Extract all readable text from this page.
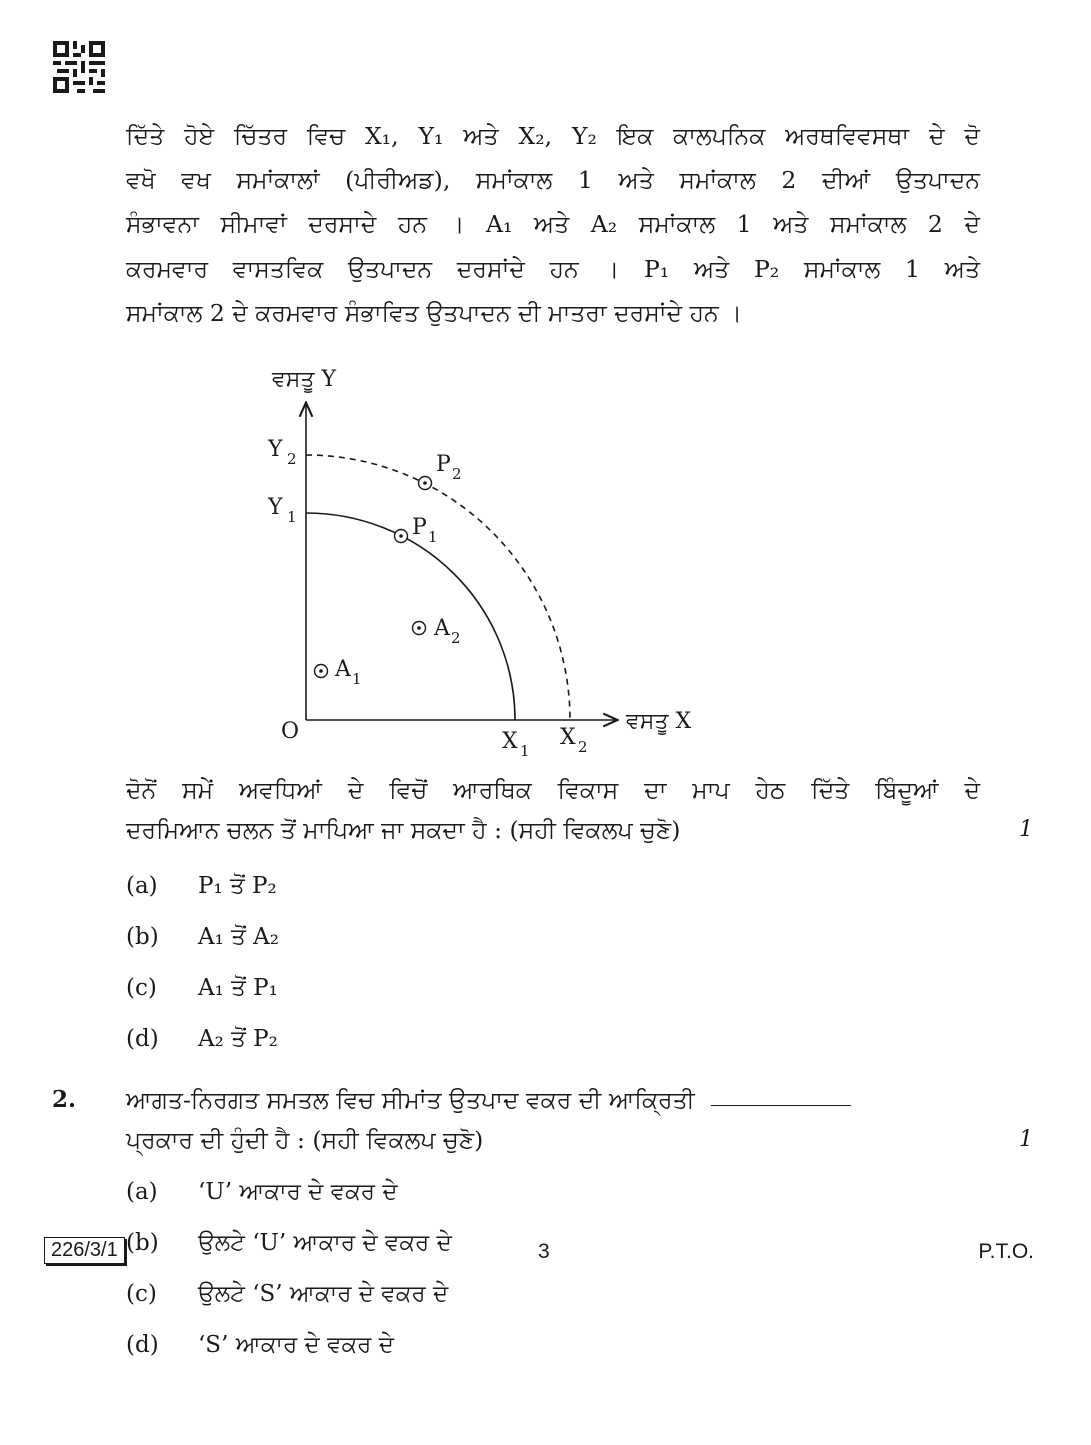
ਦਿੱਤੇ ਹੋਏ ਚਿੱਤਰ ਵਿਚ X₁, Y₁ ਅਤੇ X₂, Y₂ ਇਕ ਕਾਲਪਨਿਕ ਅਰਥਵਿਵਸਥਾ ਦੇ ਦੋ
ਵਖੋ ਵਖ ਸਮਾਂਕਾਲਾਂ (ਪੀਰੀਅਡ), ਸਮਾਂਕਾਲ 1 ਅਤੇ ਸਮਾਂਕਾਲ 2 ਦੀਆਂ ਉਤਪਾਦਨ
ਸੰਭਾਵਨਾ ਸੀਮਾਵਾਂ ਦਰਸਾਦੇ ਹਨ । A₁ ਅਤੇ A₂ ਸਮਾਂਕਾਲ 1 ਅਤੇ ਸਮਾਂਕਾਲ 2 ਦੇ
ਕਰਮਵਾਰ ਵਾਸਤਵਿਕ ਉਤਪਾਦਨ ਦਰਸਾਂਦੇ ਹਨ । P₁ ਅਤੇ P₂ ਸਮਾਂਕਾਲ 1 ਅਤੇ
ਸਮਾਂਕਾਲ 2 ਦੇ ਕਰਮਵਾਰ ਸੰਭਾਵਿਤ ਉਤਪਾਦਨ ਦੀ ਮਾਤਰਾ ਦਰਸਾਂਦੇ ਹਨ ।
ਵਸਤੂ Y
ਵਸਤੂ X
O
Y 2
Y 1
X 1
X 2
P 2
P 1
A 2
A 1
ਦੋਨੋਂ ਸਮੇਂ ਅਵਧਿਆਂ ਦੇ ਵਿਚੋਂ ਆਰਥਿਕ ਵਿਕਾਸ ਦਾ ਮਾਪ ਹੇਠ ਦਿੱਤੇ ਬਿੰਦੂਆਂ ਦੇ
ਦਰਮਿਆਨ ਚਲਨ ਤੋਂ ਮਾਪਿਆ ਜਾ ਸਕਦਾ ਹੈ : (ਸਹੀ ਵਿਕਲਪ ਚੁਣੋ)	1
(a) P₁ ਤੋਂ P₂
(b) A₁ ਤੋਂ A₂
(c) A₁ ਤੋਂ P₁
(d) A₂ ਤੋਂ P₂
2. ਆਗਤ-ਨਿਰਗਤ ਸਮਤਲ ਵਿਚ ਸੀਮਾਂਤ ਉਤਪਾਦ ਵਕਰ ਦੀ ਆਕ੍ਰਿਤੀ
ਪ੍ਰਕਾਰ ਦੀ ਹੁੰਦੀ ਹੈ : (ਸਹੀ ਵਿਕਲਪ ਚੁਣੋ)	1
(a) ‘U’ ਆਕਾਰ ਦੇ ਵਕਰ ਦੇ
(b) ਉਲਟੇ ‘U’ ਆਕਾਰ ਦੇ ਵਕਰ ਦੇ
(c) ਉਲਟੇ ‘S’ ਆਕਾਰ ਦੇ ਵਕਰ ਦੇ
(d) ‘S’ ਆਕਾਰ ਦੇ ਵਕਰ ਦੇ
226/3/1	3	P.T.O.
